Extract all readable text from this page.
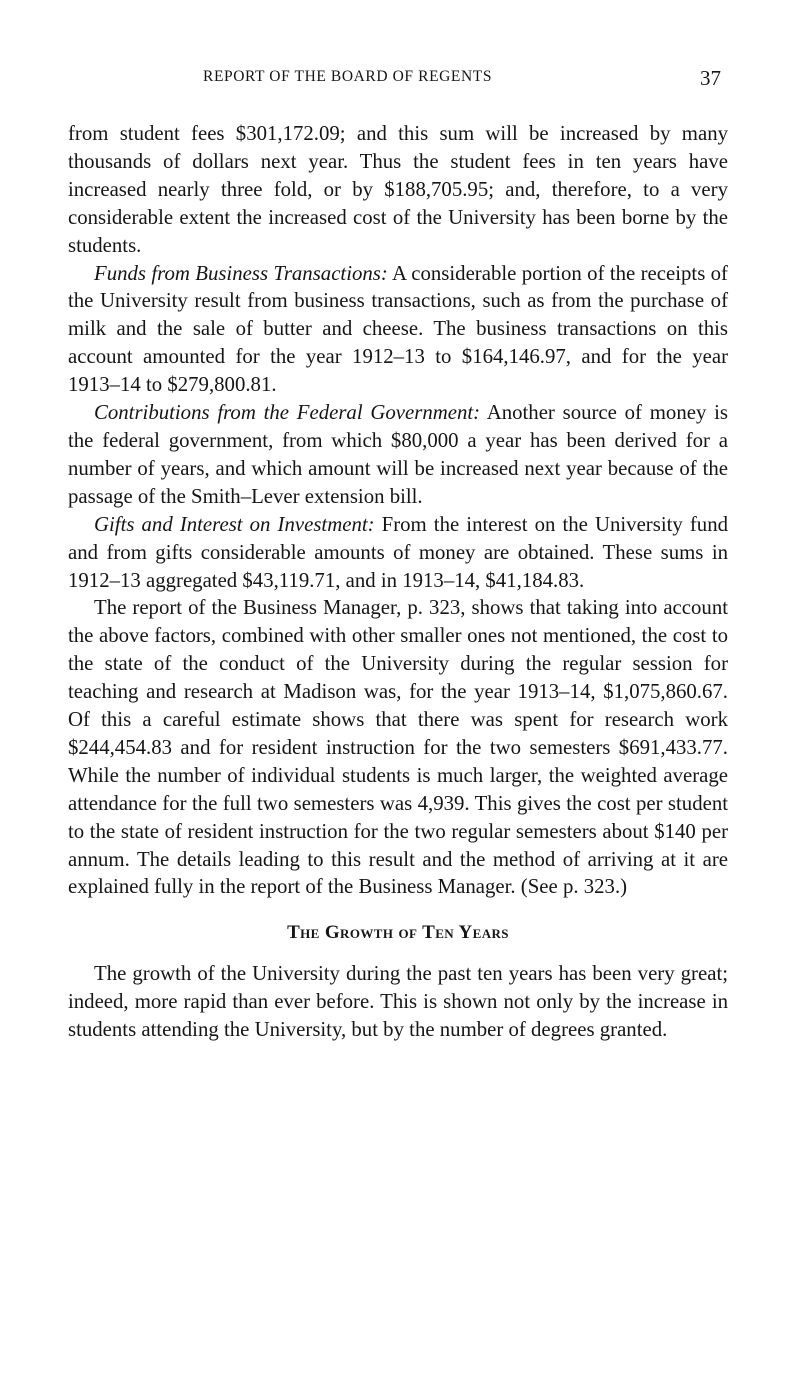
REPORT OF THE BOARD OF REGENTS	37

from student fees $301,172.09; and this sum will be increased by many thousands of dollars next year. Thus the student fees in ten years have increased nearly three fold, or by $188,705.95; and, therefore, to a very considerable extent the increased cost of the University has been borne by the students.

Funds from Business Transactions: A considerable portion of the receipts of the University result from business transactions, such as from the purchase of milk and the sale of butter and cheese. The business transactions on this account amounted for the year 1912–13 to $164,146.97, and for the year 1913–14 to $279,800.81.

Contributions from the Federal Government: Another source of money is the federal government, from which $80,000 a year has been derived for a number of years, and which amount will be increased next year because of the passage of the Smith–Lever extension bill.

Gifts and Interest on Investment: From the interest on the University fund and from gifts considerable amounts of money are obtained. These sums in 1912–13 aggregated $43,119.71, and in 1913–14, $41,184.83.

The report of the Business Manager, p. 323, shows that taking into account the above factors, combined with other smaller ones not mentioned, the cost to the state of the conduct of the University during the regular session for teaching and research at Madison was, for the year 1913–14, $1,075,860.67. Of this a careful estimate shows that there was spent for research work $244,454.83 and for resident instruction for the two semesters $691,433.77. While the number of individual students is much larger, the weighted average attendance for the full two semesters was 4,939. This gives the cost per student to the state of resident instruction for the two regular semesters about $140 per annum. The details leading to this result and the method of arriving at it are explained fully in the report of the Business Manager. (See p. 323.)

The Growth of Ten Years

The growth of the University during the past ten years has been very great; indeed, more rapid than ever before. This is shown not only by the increase in students attending the University, but by the number of degrees granted.
